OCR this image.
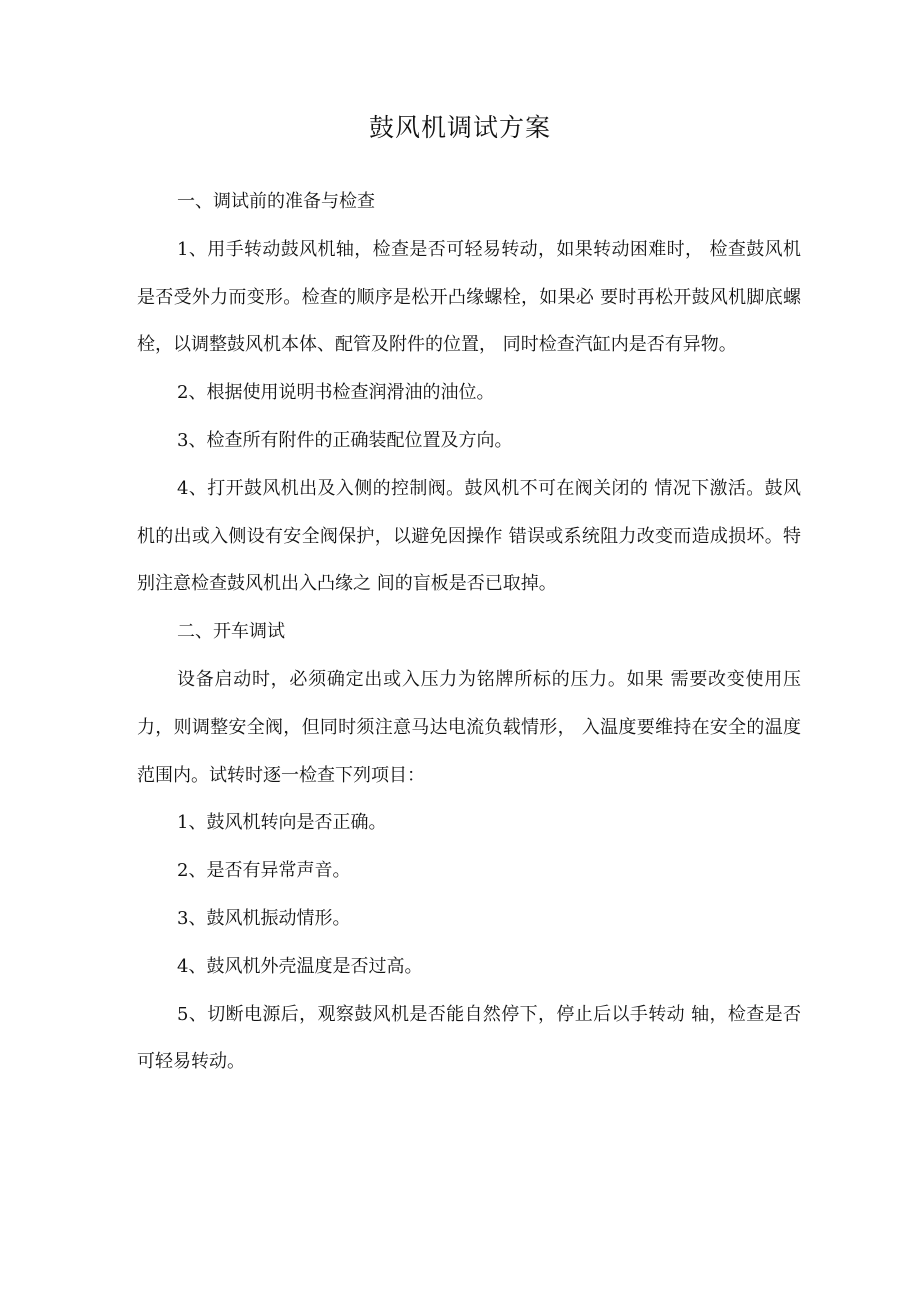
鼓风机调试方案

一、调试前的准备与检查

1、用手转动鼓风机轴，检查是否可轻易转动，如果转动困难时， 检查鼓风机是否受外力而变形。检查的顺序是松开凸缘螺栓，如果必 要时再松开鼓风机脚底螺栓，以调整鼓风机本体、配管及附件的位置， 同时检查汽缸内是否有异物。

2、根据使用说明书检查润滑油的油位。

3、检查所有附件的正确装配位置及方向。

4、打开鼓风机出及入侧的控制阀。鼓风机不可在阀关闭的 情况下激活。鼓风机的出或入侧设有安全阀保护，以避免因操作 错误或系统阻力改变而造成损坏。特别注意检查鼓风机出入凸缘之 间的盲板是否已取掉。

二、开车调试

设备启动时，必须确定出或入压力为铭牌所标的压力。如果 需要改变使用压力，则调整安全阀，但同时须注意马达电流负载情形， 入温度要维持在安全的温度范围内。试转时逐一检查下列项目：

1、鼓风机转向是否正确。

2、是否有异常声音。

3、鼓风机振动情形。

4、鼓风机外壳温度是否过高。

5、切断电源后，观察鼓风机是否能自然停下，停止后以手转动 轴，检查是否可轻易转动。
